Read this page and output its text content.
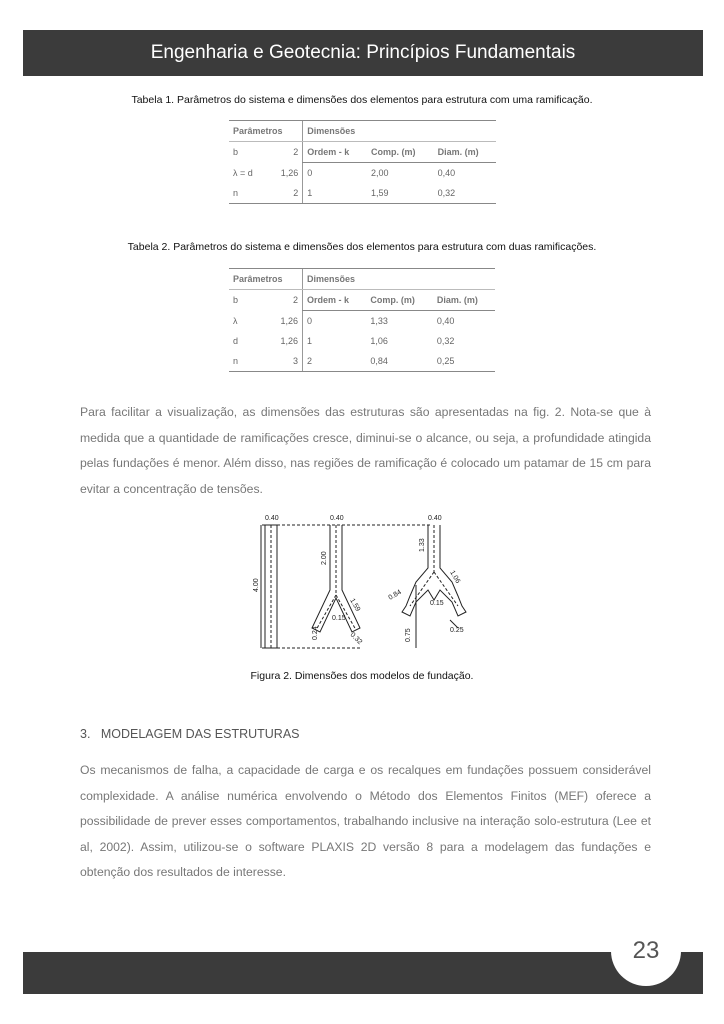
Engenharia e Geotecnia: Princípios Fundamentais
Tabela 1. Parâmetros do sistema e dimensões dos elementos para estrutura com uma ramificação.
Parâmetros		Dimensões		
b	2	Ordem - k	Comp. (m)	Diam. (m)
λ = d	1,26	0	2,00	0,40
n	2	1	1,59	0,32
Tabela 2. Parâmetros do sistema e dimensões dos elementos para estrutura com duas ramificações.
Parâmetros		Dimensões		
b	2	Ordem - k	Comp. (m)	Diam. (m)
λ	1,26	0	1,33	0,40
d	1,26	1	1,06	0,32
n	3	2	0,84	0,25
Para facilitar a visualização, as dimensões das estruturas são apresentadas na fig. 2. Nota-se que à medida que a quantidade de ramificações cresce, diminui-se o alcance, ou seja, a profundidade atingida pelas fundações é menor. Além disso, nas regiões de ramificação é colocado um patamar de 15 cm para evitar a concentração de tensões.
0.40	0.40	0.40
4.00
2.00
1.59
0.15
0.24	0.32
1.33
1.06
0.84
0.15
0.25
0.75
Figura 2. Dimensões dos modelos de fundação.
3. MODELAGEM DAS ESTRUTURAS
Os mecanismos de falha, a capacidade de carga e os recalques em fundações possuem considerável complexidade. A análise numérica envolvendo o Método dos Elementos Finitos (MEF) oferece a possibilidade de prever esses comportamentos, trabalhando inclusive na interação solo-estrutura (Lee et al, 2002). Assim, utilizou-se o software PLAXIS 2D versão 8 para a modelagem das fundações e obtenção dos resultados de interesse.
23
